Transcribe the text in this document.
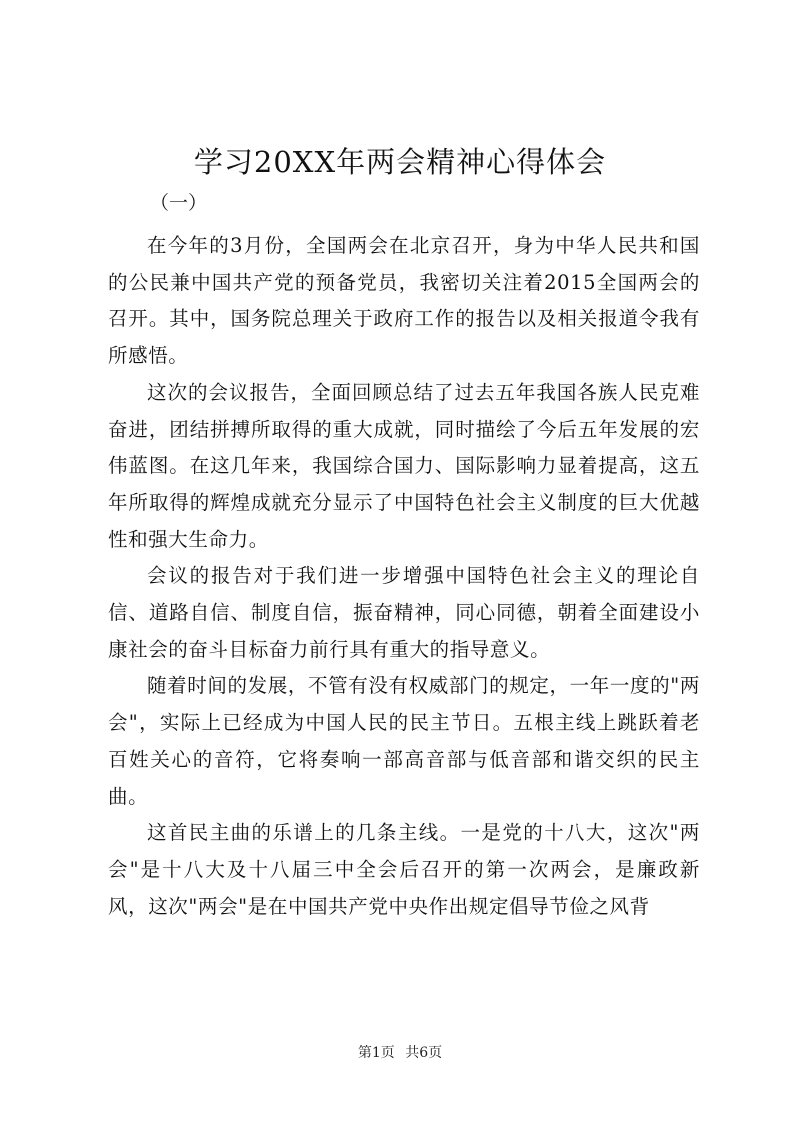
学习20XX年两会精神心得体会
（一）

在今年的3月份，全国两会在北京召开，身为中华人民共和国的公民兼中国共产党的预备党员，我密切关注着2015全国两会的召开。其中，国务院总理关于政府工作的报告以及相关报道令我有所感悟。

这次的会议报告，全面回顾总结了过去五年我国各族人民克难奋进，团结拼搏所取得的重大成就，同时描绘了今后五年发展的宏伟蓝图。在这几年来，我国综合国力、国际影响力显着提高，这五年所取得的辉煌成就充分显示了中国特色社会主义制度的巨大优越性和强大生命力。

会议的报告对于我们进一步增强中国特色社会主义的理论自信、道路自信、制度自信，振奋精神，同心同德，朝着全面建设小康社会的奋斗目标奋力前行具有重大的指导意义。

随着时间的发展，不管有没有权威部门的规定，一年一度的"两会"，实际上已经成为中国人民的民主节日。五根主线上跳跃着老百姓关心的音符，它将奏响一部高音部与低音部和谐交织的民主曲。

这首民主曲的乐谱上的几条主线。一是党的十八大，这次"两会"是十八大及十八届三中全会后召开的第一次两会，是廉政新风，这次"两会"是在中国共产党中央作出规定倡导节俭之风背

第1页 共6页
